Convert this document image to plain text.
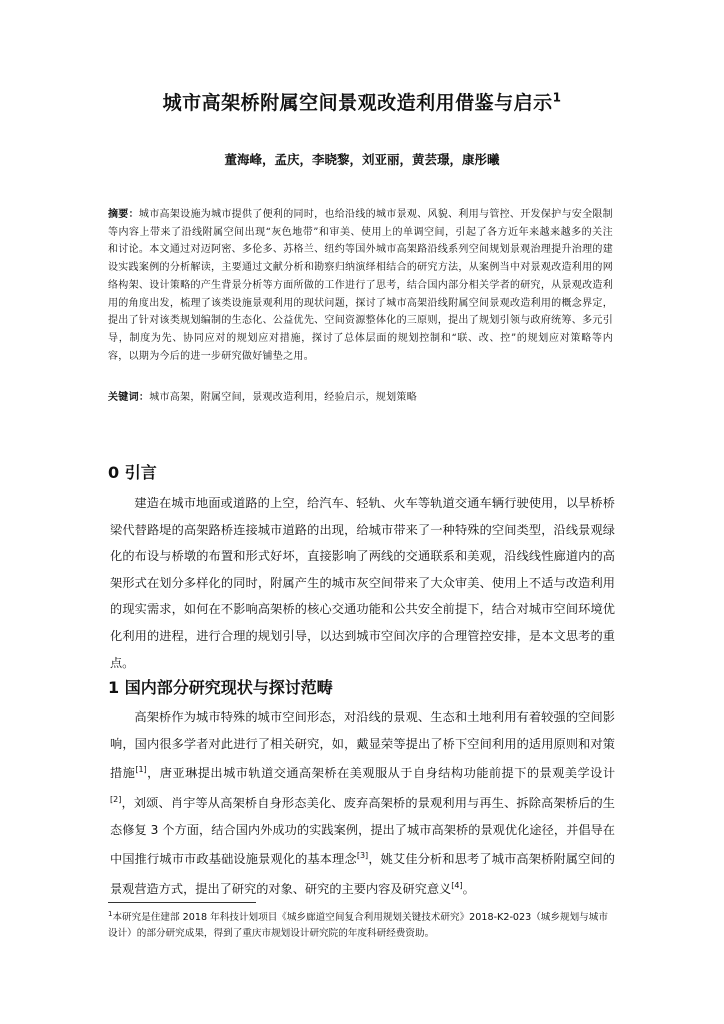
城市高架桥附属空间景观改造利用借鉴与启示$^1$
董海峰，孟庆，李晓黎，刘亚丽，黄芸璟，康彤曦
摘要：城市高架设施为城市提供了便利的同时，也给沿线的城市景观、风貌、利用与管控、开发保护与安全限制等内容上带来了沿线附属空间出现“灰色地带”和审美、使用上的单调空间，引起了各方近年来越来越多的关注和讨论。本文通过对迈阿密、多伦多、苏格兰、纽约等国外城市高架路沿线系列空间规划景观治理提升治理的建设实践案例的分析解读，主要通过文献分析和勘察归纳演绎相结合的研究方法，从案例当中对景观改造利用的网络构架、设计策略的产生背景分析等方面所做的工作进行了思考，结合国内部分相关学者的研究，从景观改造利用的角度出发，梳理了该类设施景观利用的现状问题，探讨了城市高架沿线附属空间景观改造利用的概念界定，提出了针对该类规划编制的生态化、公益优先、空间资源整体化的三原则，提出了规划引领与政府统筹、多元引导，制度为先、协同应对的规划应对措施，探讨了总体层面的规划控制和“联、改、控”的规划应对策略等内容，以期为今后的进一步研究做好铺垫之用。
关键词：城市高架，附属空间，景观改造利用，经验启示，规划策略
0 引言
建造在城市地面或道路的上空，给汽车、轻轨、火车等轨道交通车辆行驶使用，以旱桥桥梁代替路堤的高架路桥连接城市道路的出现，给城市带来了一种特殊的空间类型，沿线景观绿化的布设与桥墩的布置和形式好坏，直接影响了两线的交通联系和美观，沿线线性廊道内的高架形式在划分多样化的同时，附属产生的城市灰空间带来了大众审美、使用上不适与改造利用的现实需求，如何在不影响高架桥的核心交通功能和公共安全前提下，结合对城市空间环境优化利用的进程，进行合理的规划引导，以达到城市空间次序的合理管控安排，是本文思考的重点。
1 国内部分研究现状与探讨范畴
高架桥作为城市特殊的城市空间形态，对沿线的景观、生态和土地利用有着较强的空间影响，国内很多学者对此进行了相关研究，如，戴显荣等提出了桥下空间利用的适用原则和对策措施[1]，唐亚琳提出城市轨道交通高架桥在美观服从于自身结构功能前提下的景观美学设计[2]，刘颂、肖宇等从高架桥自身形态美化、废弃高架桥的景观利用与再生、拆除高架桥后的生态修复 3 个方面，结合国内外成功的实践案例，提出了城市高架桥的景观优化途径，并倡导在中国推行城市市政基础设施景观化的基本理念[3]，姚艾佳分析和思考了城市高架桥附属空间的景观营造方式，提出了研究的对象、研究的主要内容及研究意义[4]。
$^1$本研究是住建部 2018 年科技计划项目《城乡廊道空间复合利用规划关键技术研究》2018-K2-023（城乡规划与城市设计）的部分研究成果，得到了重庆市规划设计研究院的年度科研经费资助。
